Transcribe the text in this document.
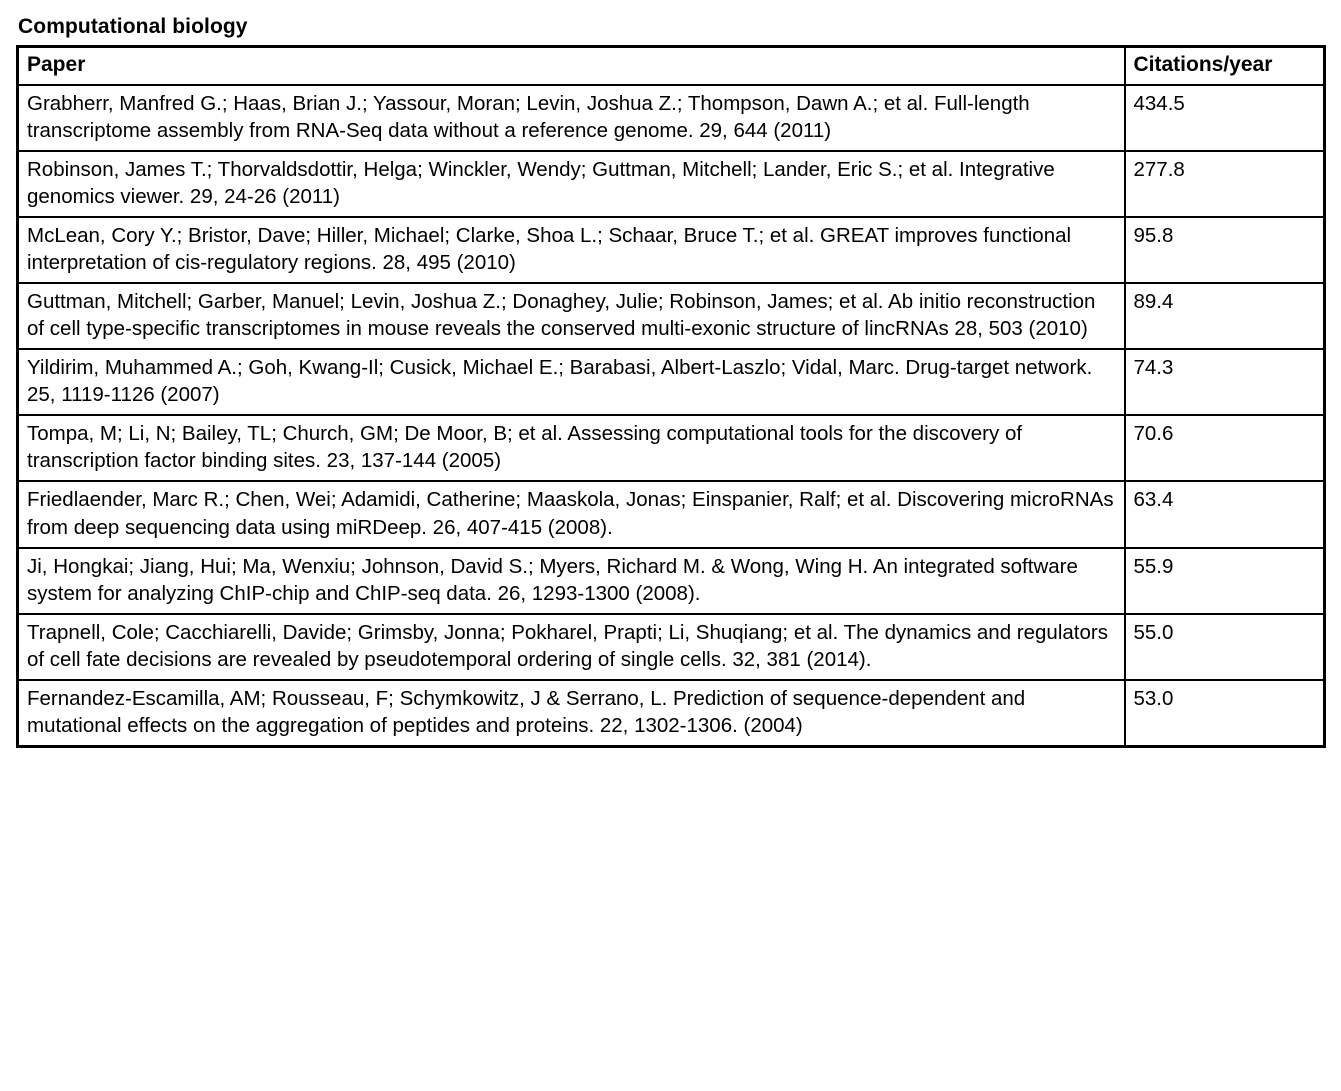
Computational biology
Paper	Citations/year
Grabherr, Manfred G.; Haas, Brian J.; Yassour, Moran; Levin, Joshua Z.; Thompson, Dawn A.; et al. Full-length transcriptome assembly from RNA-Seq data without a reference genome. 29, 644 (2011)	434.5
Robinson, James T.; Thorvaldsdottir, Helga; Winckler, Wendy; Guttman, Mitchell; Lander, Eric S.; et al. Integrative genomics viewer. 29, 24-26 (2011)	277.8
McLean, Cory Y.; Bristor, Dave; Hiller, Michael; Clarke, Shoa L.; Schaar, Bruce T.; et al. GREAT improves functional interpretation of cis-regulatory regions. 28, 495 (2010)	95.8
Guttman, Mitchell; Garber, Manuel; Levin, Joshua Z.; Donaghey, Julie; Robinson, James; et al. Ab initio reconstruction of cell type-specific transcriptomes in mouse reveals the conserved multi-exonic structure of lincRNAs 28, 503 (2010)	89.4
Yildirim, Muhammed A.; Goh, Kwang-Il; Cusick, Michael E.; Barabasi, Albert-Laszlo; Vidal, Marc. Drug-target network. 25, 1119-1126 (2007)	74.3
Tompa, M; Li, N; Bailey, TL; Church, GM; De Moor, B; et al. Assessing computational tools for the discovery of transcription factor binding sites. 23, 137-144 (2005)	70.6
Friedlaender, Marc R.; Chen, Wei; Adamidi, Catherine; Maaskola, Jonas; Einspanier, Ralf; et al. Discovering microRNAs from deep sequencing data using miRDeep. 26, 407-415 (2008).	63.4
Ji, Hongkai; Jiang, Hui; Ma, Wenxiu; Johnson, David S.; Myers, Richard M. & Wong, Wing H. An integrated software system for analyzing ChIP-chip and ChIP-seq data. 26, 1293-1300 (2008).	55.9
Trapnell, Cole; Cacchiarelli, Davide; Grimsby, Jonna; Pokharel, Prapti; Li, Shuqiang; et al. The dynamics and regulators of cell fate decisions are revealed by pseudotemporal ordering of single cells. 32, 381 (2014).	55.0
Fernandez-Escamilla, AM; Rousseau, F; Schymkowitz, J & Serrano, L. Prediction of sequence-dependent and mutational effects on the aggregation of peptides and proteins. 22, 1302-1306. (2004)	53.0
